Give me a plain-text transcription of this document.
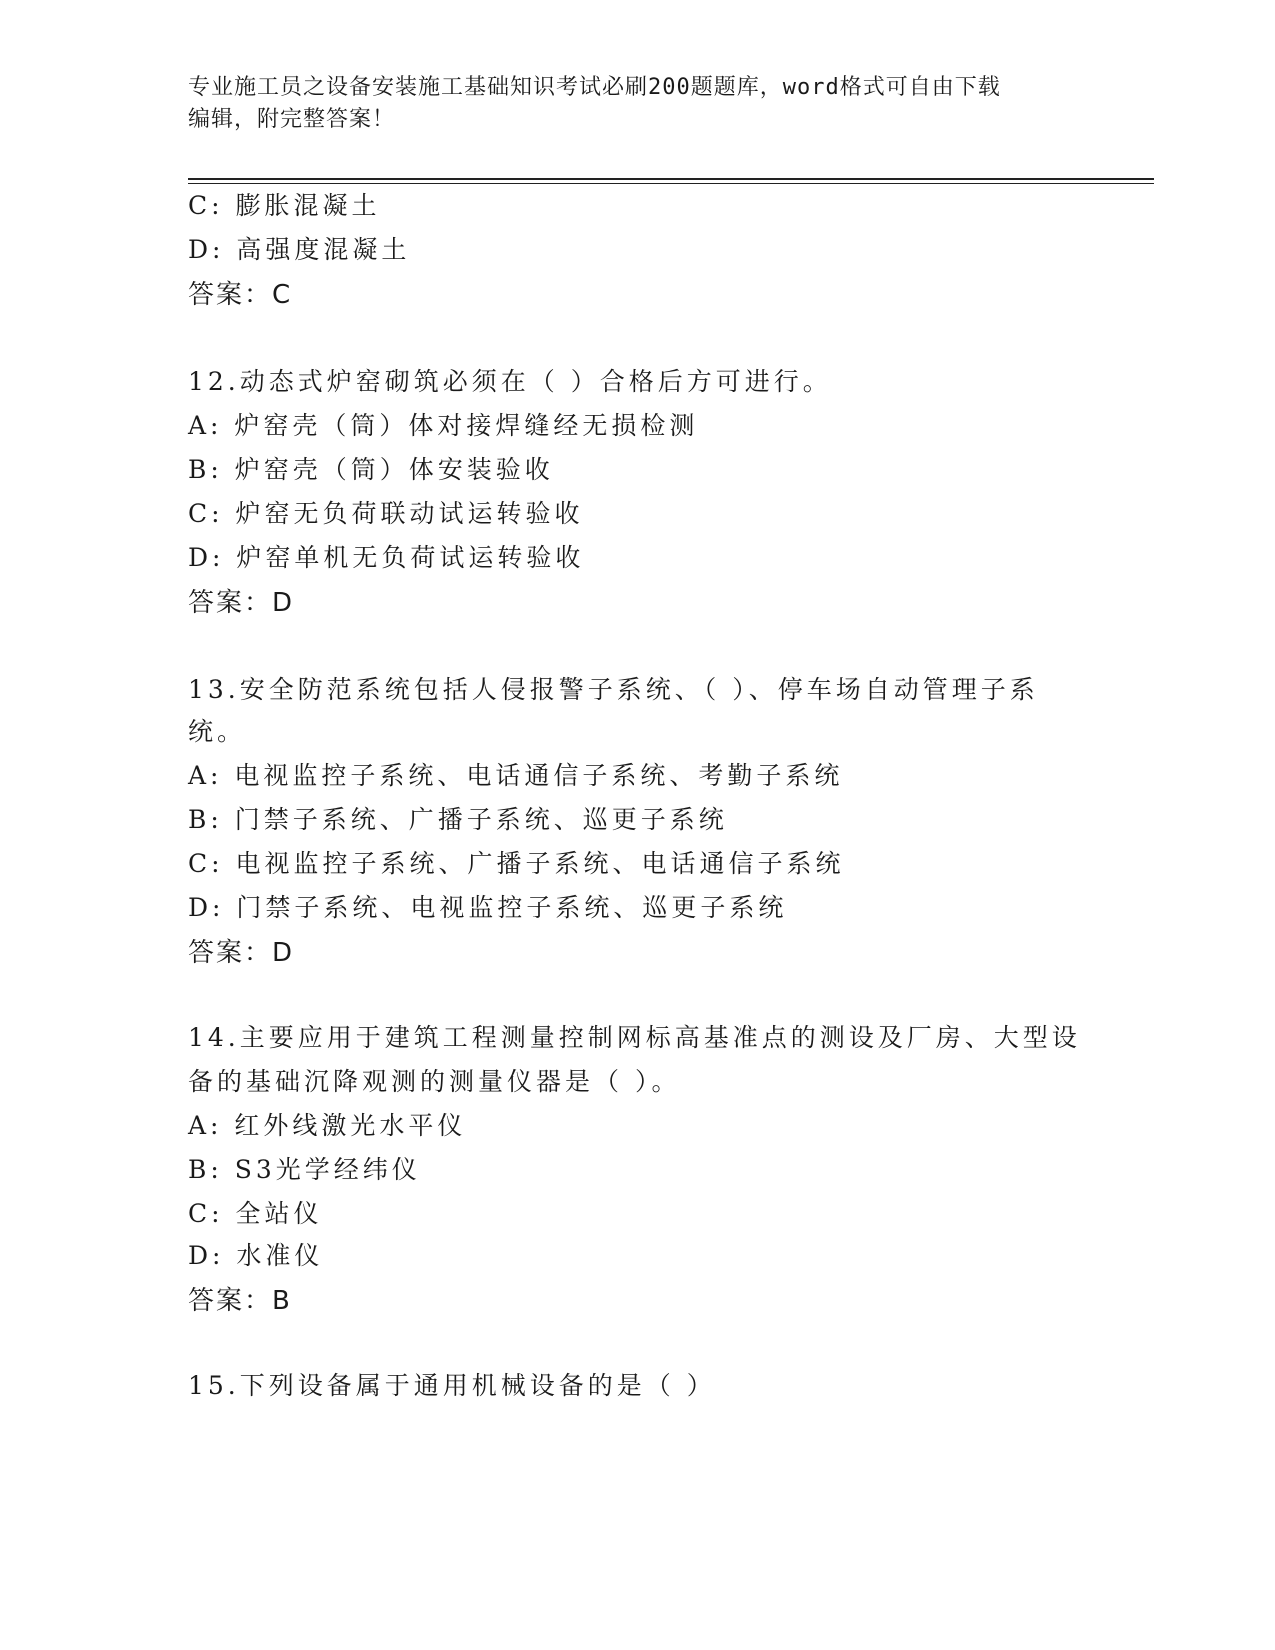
专业施工员之设备安装施工基础知识考试必刷200题题库，word格式可自由下载
编辑，附完整答案！
C: 膨胀混凝土
D: 高强度混凝土
答案：C
12.动态式炉窑砌筑必须在（ ）合格后方可进行。
A: 炉窑壳（筒）体对接焊缝经无损检测
B: 炉窑壳（筒）体安装验收
C: 炉窑无负荷联动试运转验收
D: 炉窑单机无负荷试运转验收
答案：D
13.安全防范系统包括人侵报警子系统、（ ）、停车场自动管理子系
统。
A: 电视监控子系统、电话通信子系统、考勤子系统
B: 门禁子系统、广播子系统、巡更子系统
C: 电视监控子系统、广播子系统、电话通信子系统
D: 门禁子系统、电视监控子系统、巡更子系统
答案：D
14.主要应用于建筑工程测量控制网标高基准点的测设及厂房、大型设
备的基础沉降观测的测量仪器是（ ）。
A: 红外线激光水平仪
B: S3光学经纬仪
C: 全站仪
D: 水准仪
答案：B
15.下列设备属于通用机械设备的是（ ）
